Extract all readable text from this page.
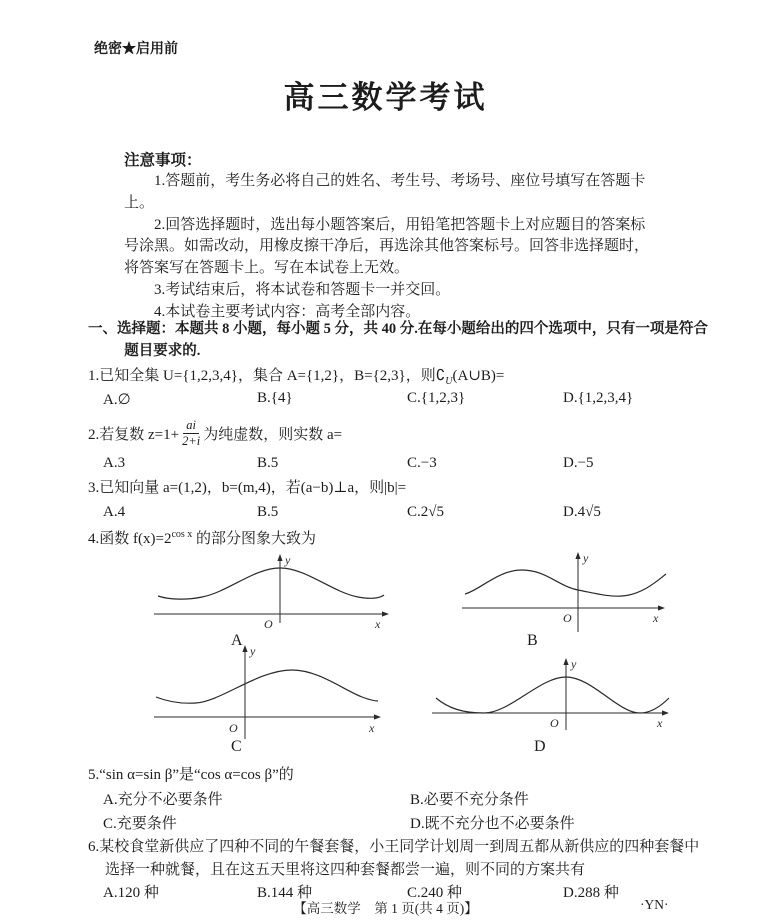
绝密★启用前
高三数学考试
注意事项：

1.答题前，考生务必将自己的姓名、考生号、考场号、座位号填写在答题卡上。

2.回答选择题时，选出每小题答案后，用铅笔把答题卡上对应题目的答案标号涂黑。如需改动，用橡皮擦干净后，再选涂其他答案标号。回答非选择题时，将答案写在答题卡上。写在本试卷上无效。

3.考试结束后，将本试卷和答题卡一并交回。

4.本试卷主要考试内容：高考全部内容。

一、选择题：本题共 8 小题，每小题 5 分，共 40 分.在每小题给出的四个选项中，只有一项是符合
题目要求的.
1.已知全集 U={1,2,3,4}，集合 A={1,2}，B={2,3}，则$∁_U(A\cup B)=$
A.∅	B.{4}	C.{1,2,3}	D.{1,2,3,4}
2.若复数 $z=1+ \frac{ai}{2+i}$ 为纯虚数，则实数 a=
A.3	B.5	C.−3	D.−5
3.已知向量 a=(1,2)，b=(m,4)，若(a−b)⊥a，则|b|=
A.4	B.5	C.2√5	D.4√5
4.函数 $f(x)=2^{cos x}$ 的部分图象大致为
y
x
O
A
y
x
O
B
y
x
O
C
y
x
O
D
5.“sin α=sin β”是“cos α=cos β”的
A.充分不必要条件	B.必要不充分条件
C.充要条件	D.既不充分也不必要条件
6.某校食堂新供应了四种不同的午餐套餐，小王同学计划周一到周五都从新供应的四种套餐中
选择一种就餐，且在这五天里将这四种套餐都尝一遍，则不同的方案共有
A.120 种	B.144 种	C.240 种	D.288 种
【高三数学　第 1 页(共 4 页)】	·YN·
